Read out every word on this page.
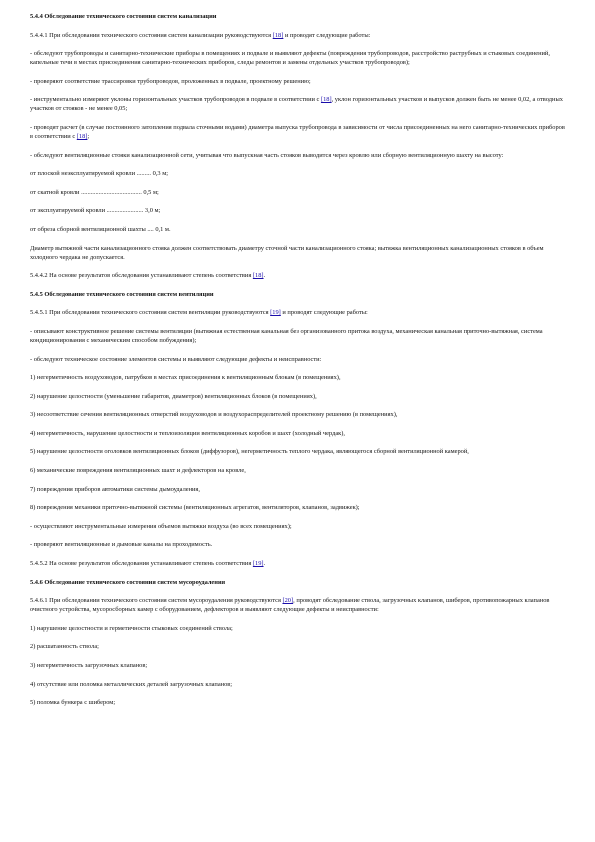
5.4.4 Обследование технического состояния систем канализации

5.4.4.1 При обследовании технического состояния систем канализации руководствуются [18] и проводят следующие работы:

- обследуют трубопроводы и санитарно-технические приборы в помещениях и подвале и выявляют дефекты (повреждения трубопроводов, расстройство раструбных и стыковых соединений, капельные течи в местах присоединения санитарно-технических приборов, следы ремонтов и замены отдельных участков трубопроводов);

- проверяют соответствие трассировки трубопроводов, проложенных в подвале, проектному решению;

- инструментально измеряют уклоны горизонтальных участков трубопроводов в подвале в соответствии с [18], уклон горизонтальных участков и выпусков должен быть не менее 0,02, а отводных участков от стояков - не менее 0,05;

- проводят расчет (в случае постоянного затопления подвала сточными водами) диаметра выпуска трубопровода в зависимости от числа присоединенных на него санитарно-технических приборов в соответствии с [18];

- обследуют вентиляционные стояки канализационной сети, учитывая что выпускная часть стояков выводится через кровлю или сборную вентиляционную шахту на высоту:

от плоской неэксплуатируемой кровли ......... 0,3 м;

от скатной кровли ...................................... 0,5 м;

от эксплуатируемой кровли ....................... 3,0 м;

от обреза сборной вентиляционной шахты .... 0,1 м.

Диаметр вытяжной части канализационного стояка должен соответствовать диаметру сточной части канализационного стояка; вытяжка вентиляционных канализационных стояков в объем холодного чердака не допускается.

5.4.4.2 На основе результатов обследования устанавливают степень соответствия [18].

5.4.5 Обследование технического состояния систем вентиляции

5.4.5.1 При обследовании технического состояния систем вентиляции руководствуются [19] и проводят следующие работы:

- описывают конструктивное решение системы вентиляции (вытяжная естественная канальная без организованного притока воздуха, механическая канальная приточно-вытяжная, система кондиционирования с механическим способом побуждения);

- обследуют техническое состояние элементов системы и выявляют следующие дефекты и неисправности:

1) негерметичность воздуховодов, патрубков в местах присоединения к вентиляционным блокам (в помещениях),

2) нарушение целостности (уменьшение габаритов, диаметров) вентиляционных блоков (в помещениях),

3) несоответствие сечения вентиляционных отверстий воздуховодов и воздухораспределителей проектному решению (в помещениях),

4) негерметичность, нарушение целостности и теплоизоляции вентиляционных коробов и шахт (холодный чердак),

5) нарушение целостности оголовков вентиляционных блоков (диффузоров), негерметичность теплого чердака, являющегося сборной вентиляционной камерой,

6) механические повреждения вентиляционных шахт и дефлекторов на кровле,

7) повреждения приборов автоматики системы дымоудаления,

8) повреждения механики приточно-вытяжной системы (вентиляционных агрегатов, вентиляторов, клапанов, задвижек);

- осуществляют инструментальные измерения объемов вытяжки воздуха (во всех помещениях);

- проверяют вентиляционные и дымовые каналы на проходимость.

5.4.5.2 На основе результатов обследования устанавливают степень соответствия [19].

5.4.6 Обследование технического состояния систем мусороудаления

5.4.6.1 При обследовании технического состояния систем мусороудаления руководствуются [20], проводят обследование ствола, загрузочных клапанов, шиберов, противопожарных клапанов очистного устройства, мусоросборных камер с оборудованием, дефлекторов и выявляют следующие дефекты и неисправности:

1) нарушение целостности и герметичности стыковых соединений ствола;

2) расшатанность ствола;

3) негерметичность загрузочных клапанов;

4) отсутствие или поломка металлических деталей загрузочных клапанов;

5) поломка бункера с шибером;
